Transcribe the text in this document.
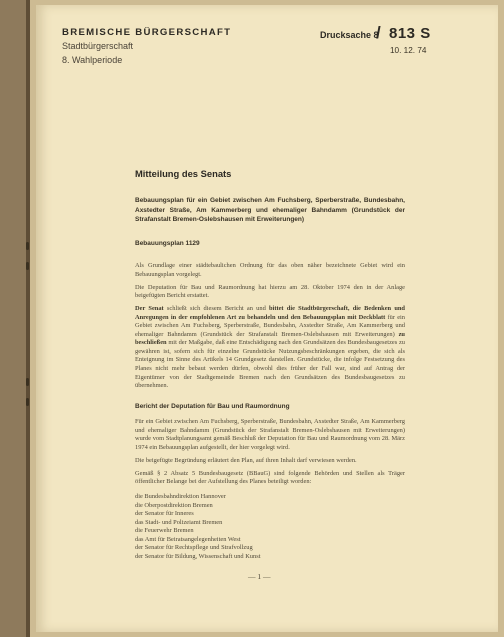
BREMISCHE BÜRGERSCHAFT
Stadtbürgerschaft
8. Wahlperiode
Drucksache 8
/ 813 S
10. 12. 74
Mitteilung des Senats
Bebauungsplan für ein Gebiet zwischen Am Fuchsberg, Sperberstraße, Bundesbahn, Axstedter Straße, Am Kammerberg und ehemaliger Bahndamm (Grundstück der Strafanstalt Bremen-Oslebshausen mit Erweiterungen)
Bebauungsplan 1129

Als Grundlage einer städtebaulichen Ordnung für das oben näher bezeichnete Gebiet wird ein Bebauungsplan vorgelegt.

Die Deputation für Bau und Raumordnung hat hierzu am 28. Oktober 1974 den in der Anlage beigefügten Bericht erstattet.

Der Senat schließt sich diesem Bericht an und bittet die Stadtbürgerschaft, die Bedenken und Anregungen in der empfohlenen Art zu behandeln und den Bebauungsplan mit Deckblatt für ein Gebiet zwischen Am Fuchsberg, Sperberstraße, Bundesbahn, Axstedter Straße, Am Kammerberg und ehemaliger Bahndamm (Grundstück der Strafanstalt Bremen-Oslebshausen mit Erweiterungen) zu beschließen mit der Maßgabe, daß eine Entschädigung nach den Grundsätzen des Bundesbaugesetzes zu gewähren ist, sofern sich für einzelne Grundstücke Nutzungsbeschränkungen ergeben, die sich als Enteignung im Sinne des Artikels 14 Grundgesetz darstellen. Grundstücke, die infolge Festsetzung des Planes nicht mehr bebaut werden dürfen, obwohl dies früher der Fall war, sind auf Antrag der Eigentümer von der Stadtgemeinde Bremen nach den Grundsätzen des Bundesbaugesetzes zu übernehmen.

Bericht der Deputation für Bau und Raumordnung

Für ein Gebiet zwischen Am Fuchsberg, Sperberstraße, Bundesbahn, Axstedter Straße, Am Kammerberg und ehemaliger Bahndamm (Grundstück der Strafanstalt Bremen-Oslebshausen mit Erweiterungen) wurde vom Stadtplanungsamt gemäß Beschluß der Deputation für Bau und Raumordnung vom 28. März 1974 ein Bebauungsplan aufgestellt, der hier vorgelegt wird.

Die beigefügte Begründung erläutert den Plan, auf ihren Inhalt darf verwiesen werden.

Gemäß § 2 Absatz 5 Bundesbaugesetz (BBauG) sind folgende Behörden und Stellen als Träger öffentlicher Belange bei der Aufstellung des Planes beteiligt worden:

die Bundesbahndirektion Hannover
die Oberpostdirektion Bremen
der Senator für Inneres
das Stadt- und Polizeiamt Bremen
die Feuerwehr Bremen
das Amt für Beiratsangelegenheiten West
der Senator für Rechtspflege und Strafvollzug
der Senator für Bildung, Wissenschaft und Kunst
— 1 —
